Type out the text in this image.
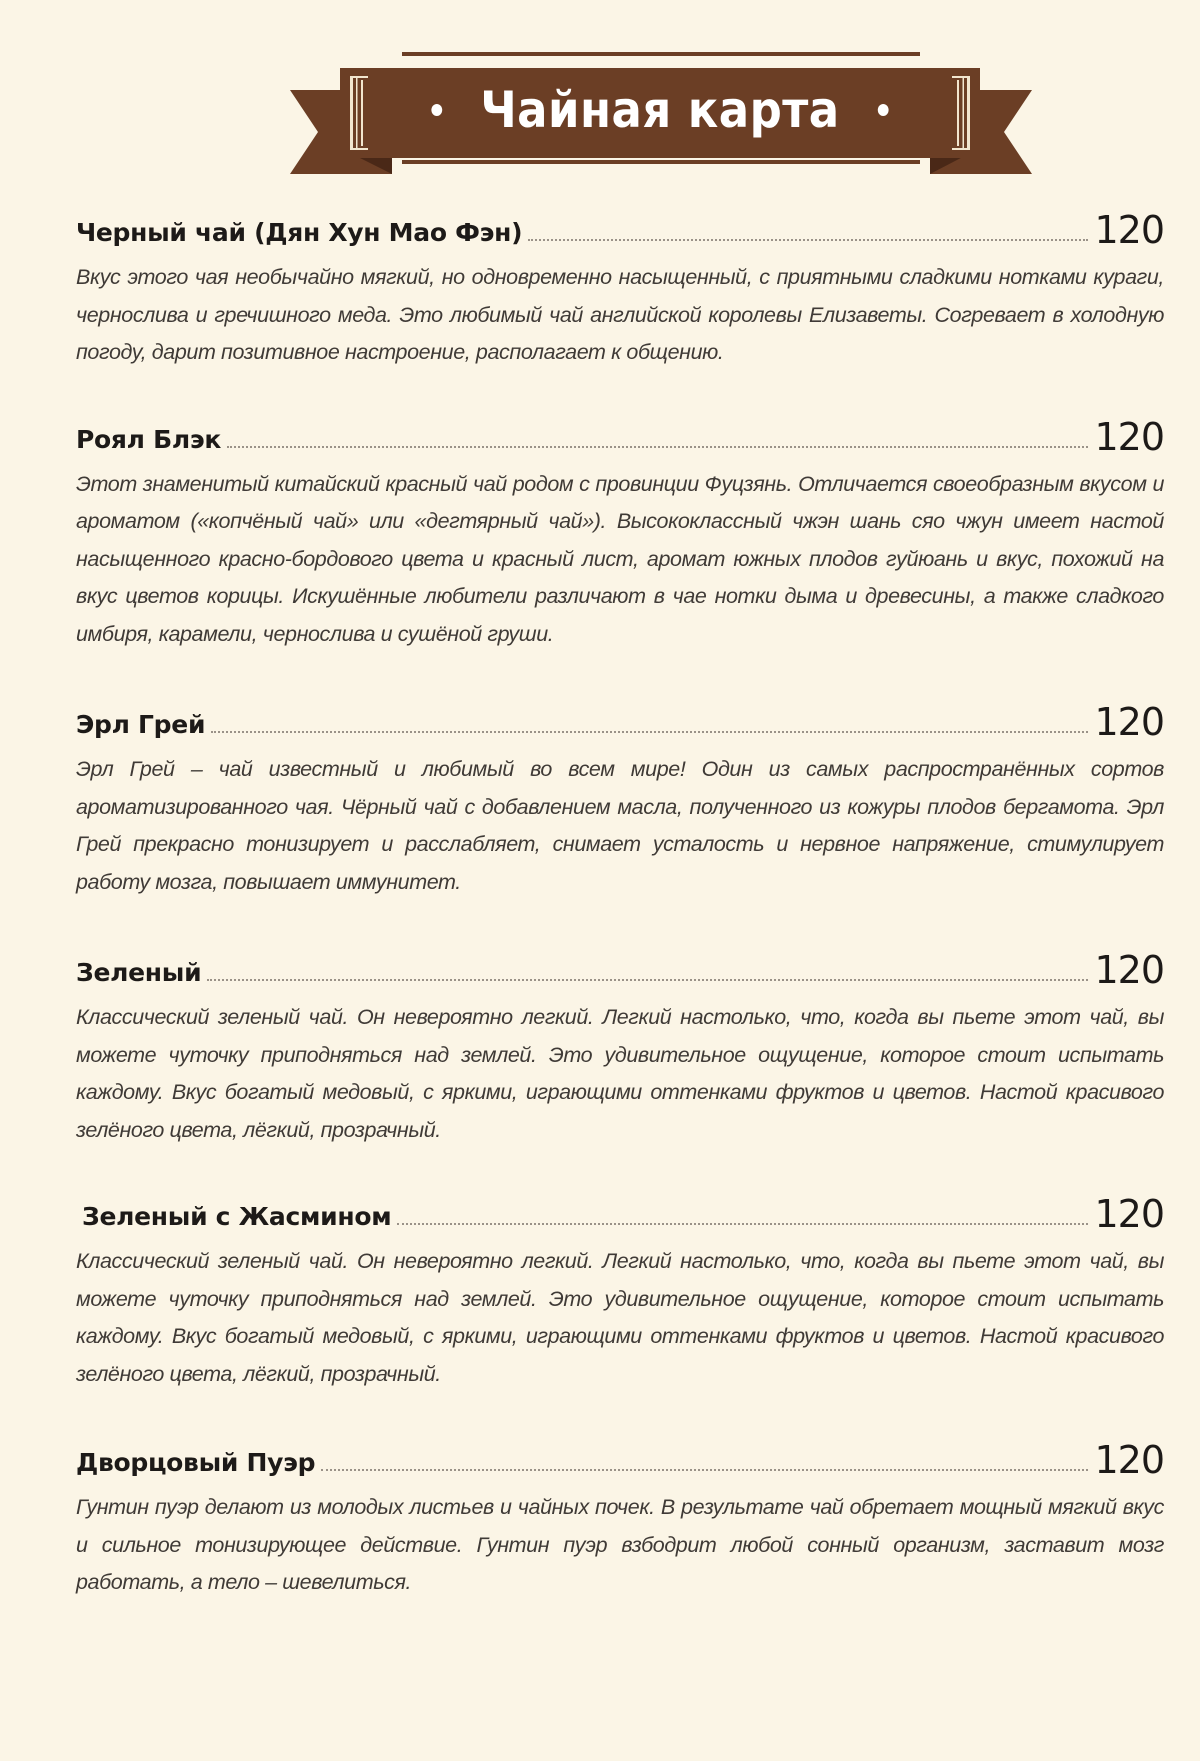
Чайная карта
Черный чай (Дян Хун Мао Фэн)	120
Вкус этого чая необычайно мягкий, но одновременно насыщенный, с приятными сладкими нотками кураги, чернослива и гречишного меда. Это любимый чай английской королевы Елизаветы. Согревает в холодную погоду, дарит позитивное настроение, располагает к общению.
Роял Блэк	120
Этот знаменитый китайский красный чай родом с провинции Фуцзянь. Отличается своеобразным вкусом и ароматом («копчёный чай» или «дегтярный чай»). Высококлассный чжэн шань сяо чжун имеет настой насыщенного красно-бордового цвета и красный лист, аромат южных плодов гуйюань и вкус, похожий на вкус цветов корицы. Искушённые любители различают в чае нотки дыма и древесины, а также сладкого имбиря, карамели, чернослива и сушёной груши.
Эрл Грей	120
Эрл Грей – чай известный и любимый во всем мире! Один из самых распространённых сортов ароматизированного чая. Чёрный чай с добавлением масла, полученного из кожуры плодов бергамота. Эрл Грей прекрасно тонизирует и расслабляет, снимает усталость и нервное напряжение, стимулирует работу мозга, повышает иммунитет.
Зеленый	120
Классический зеленый чай. Он невероятно легкий. Легкий настолько, что, когда вы пьете этот чай, вы можете чуточку приподняться над землей. Это удивительное ощущение, которое стоит испытать каждому. Вкус богатый медовый, с яркими, играющими оттенками фруктов и цветов. Настой красивого зелёного цвета, лёгкий, прозрачный.
Зеленый с Жасмином	120
Классический зеленый чай. Он невероятно легкий. Легкий настолько, что, когда вы пьете этот чай, вы можете чуточку приподняться над землей. Это удивительное ощущение, которое стоит испытать каждому. Вкус богатый медовый, с яркими, играющими оттенками фруктов и цветов. Настой красивого зелёного цвета, лёгкий, прозрачный.
Дворцовый Пуэр	120
Гунтин пуэр делают из молодых листьев и чайных почек. В результате чай обретает мощный мягкий вкус и сильное тонизирующее действие. Гунтин пуэр взбодрит любой сонный организм, заставит мозг работать, а тело – шевелиться.
